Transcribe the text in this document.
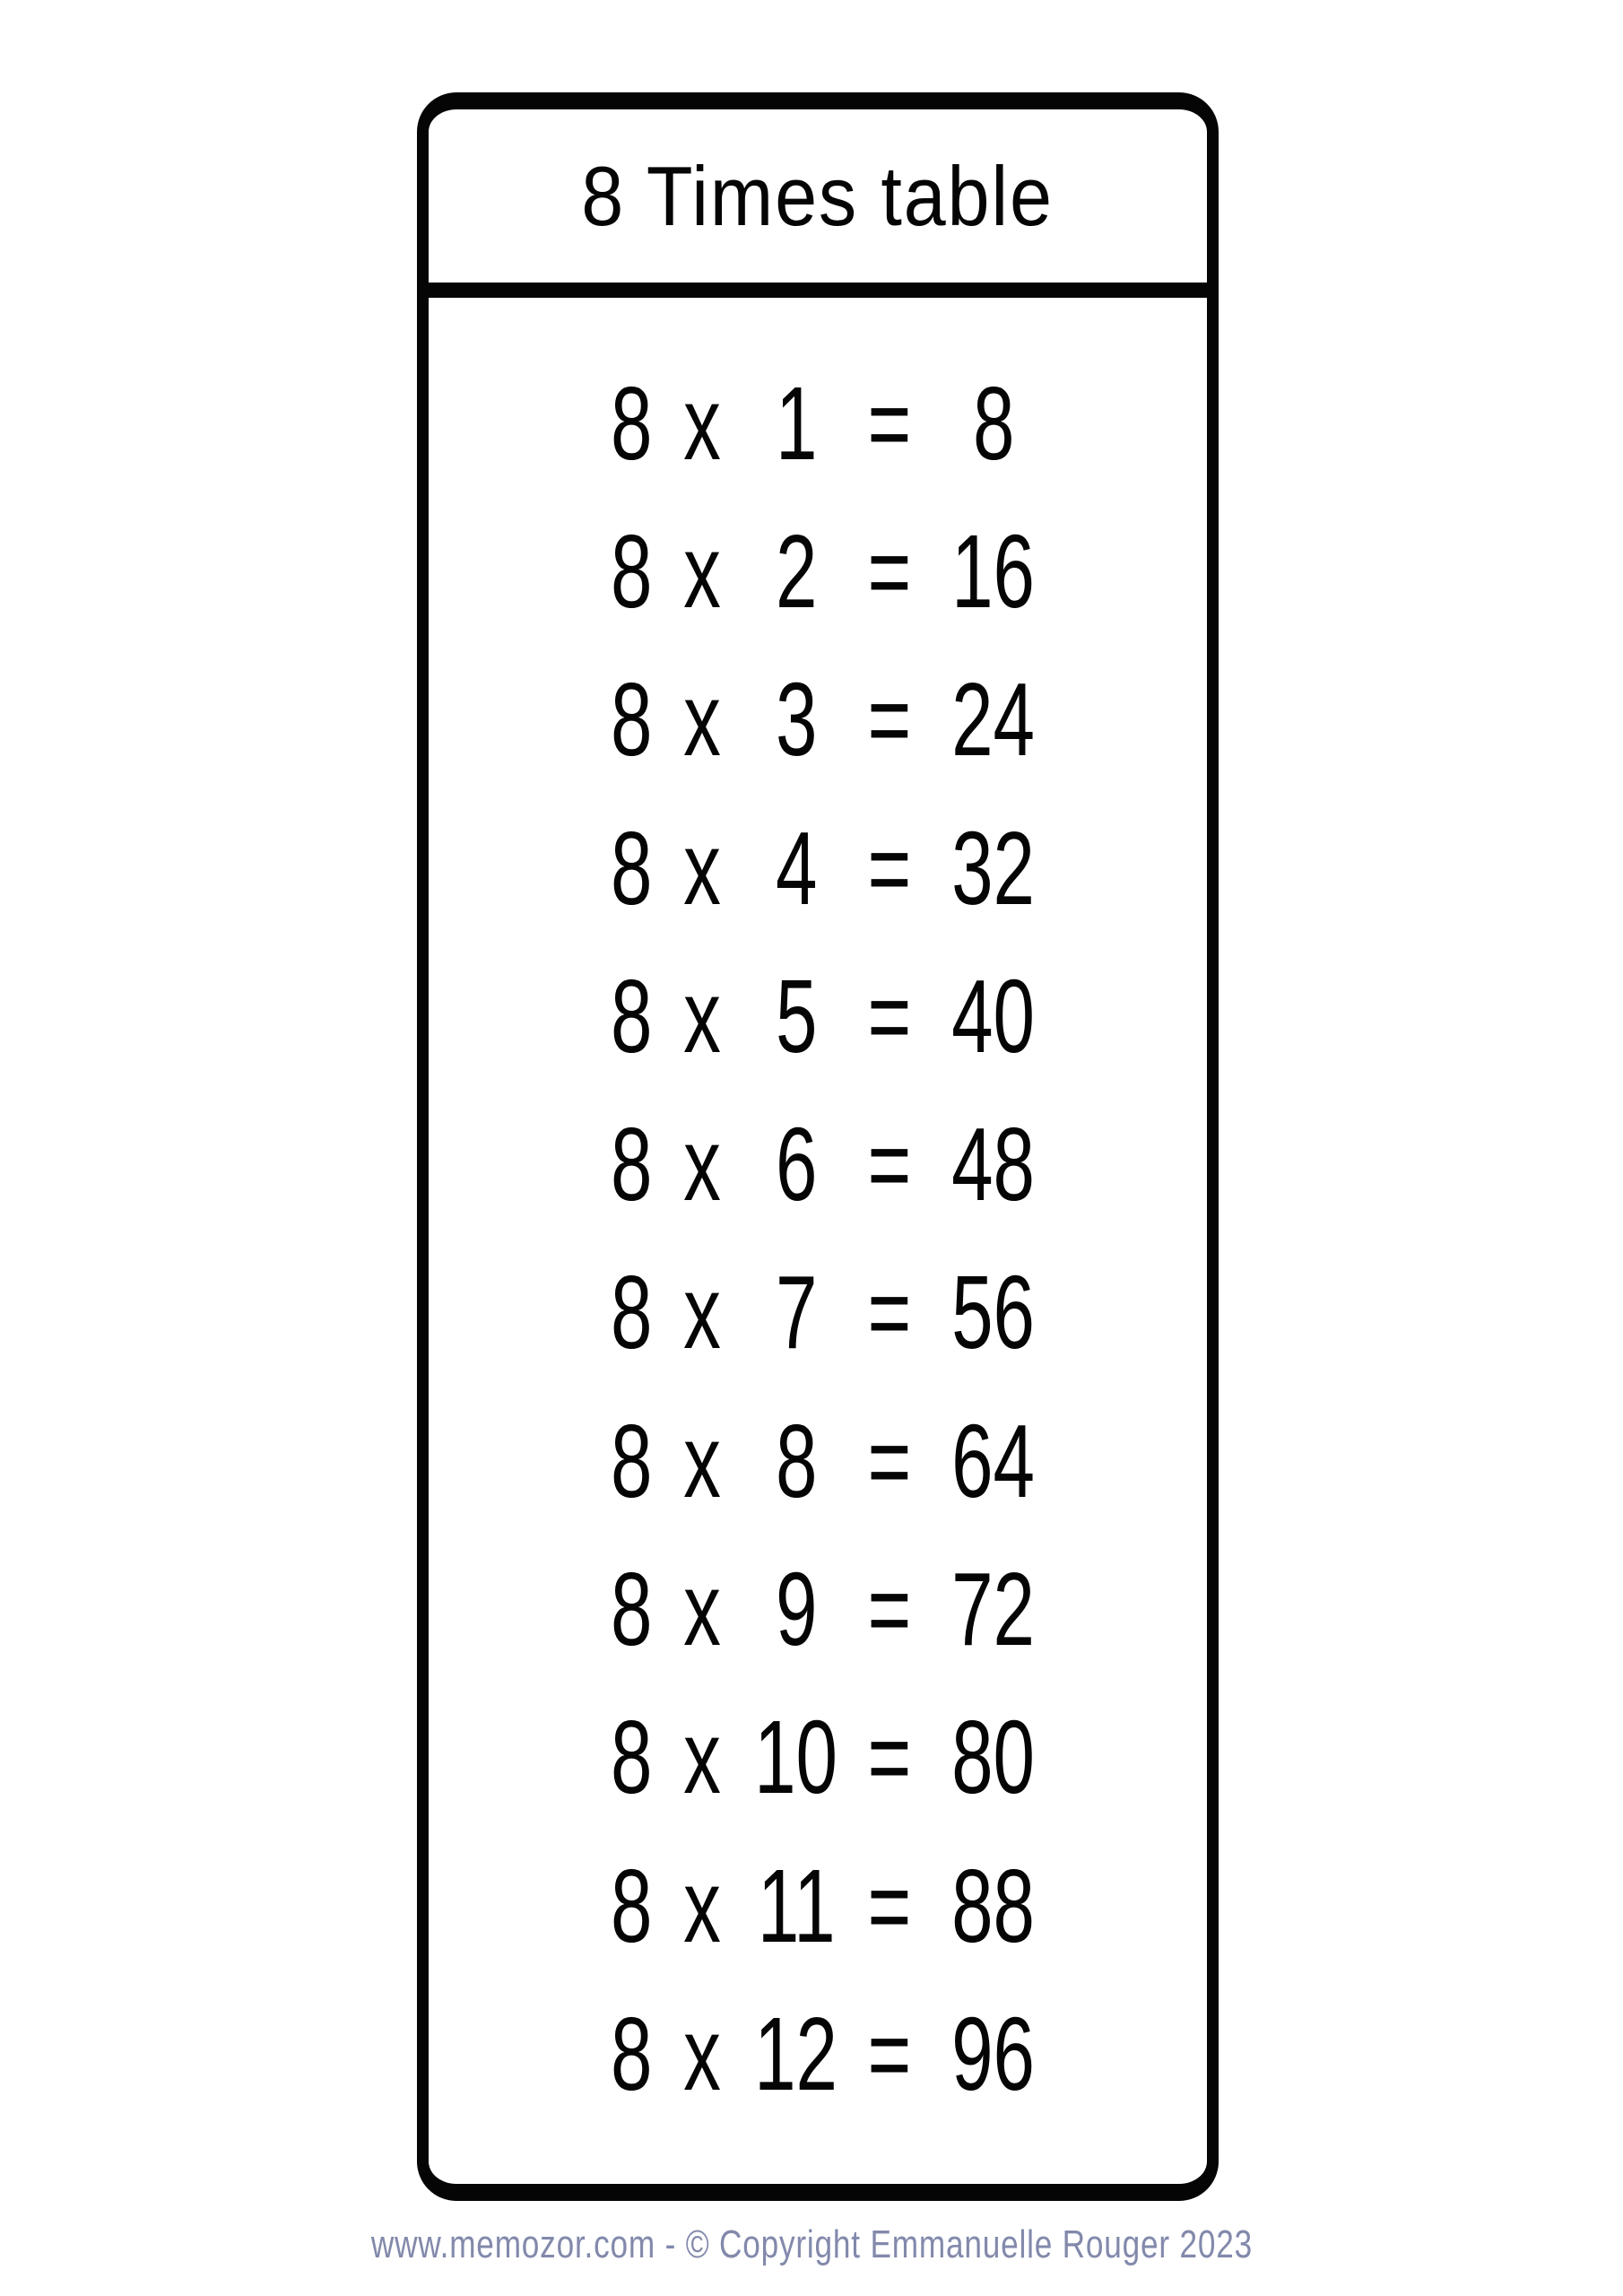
8 Times table
8 x 1 = 8
8 x 2 = 16
8 x 3 = 24
8 x 4 = 32
8 x 5 = 40
8 x 6 = 48
8 x 7 = 56
8 x 8 = 64
8 x 9 = 72
8 x 10 = 80
8 x 11 = 88
8 x 12 = 96
www.memozor.com - © Copyright Emmanuelle Rouger 2023
